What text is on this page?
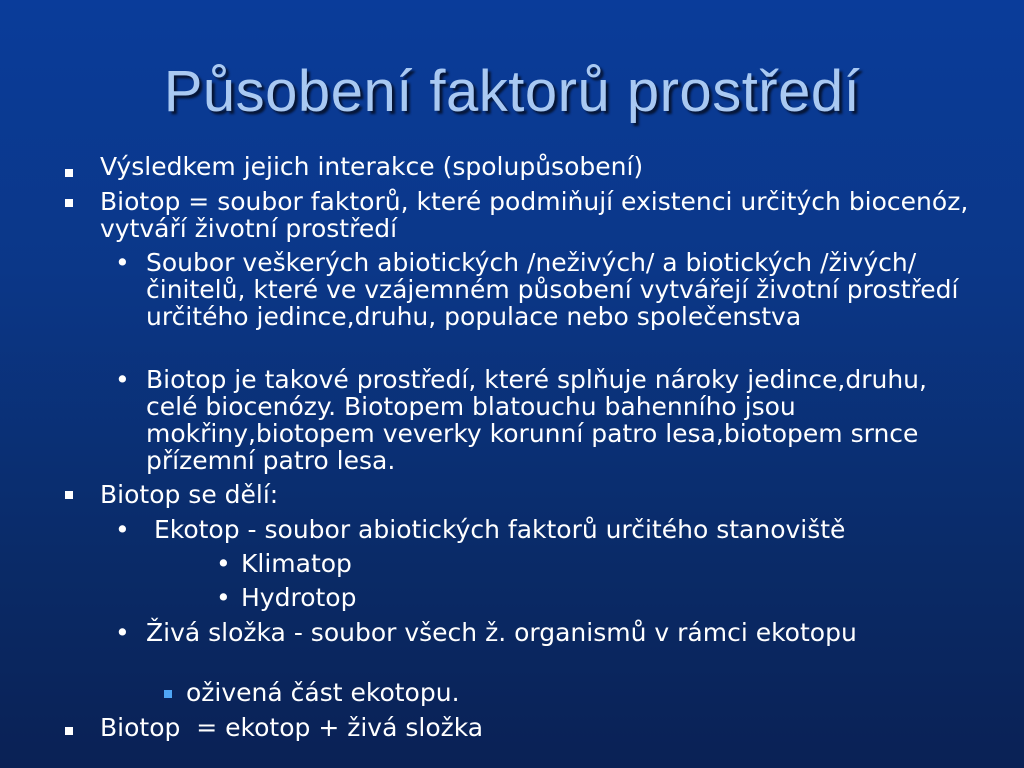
Působení faktorů prostředí
Výsledkem jejich interakce (spolupůsobení)
Biotop = soubor faktorů, které podmiňují existenci určitých biocenóz, vytváří životní prostředí
• Soubor veškerých abiotických /neživých/ a biotických /živých/ činitelů, které ve vzájemném působení vytvářejí životní prostředí určitého jedince,druhu, populace nebo společenstva
• Biotop je takové prostředí, které splňuje nároky jedince,druhu, celé biocenózy. Biotopem blatouchu bahenního jsou mokřiny,biotopem veverky korunní patro lesa,biotopem srnce přízemní patro lesa.
Biotop se dělí:
• Ekotop - soubor abiotických faktorů určitého stanoviště
• Klimatop
• Hydrotop
• Živá složka - soubor všech ž. organismů v rámci ekotopu
oživená část ekotopu.
Biotop  = ekotop + živá složka
